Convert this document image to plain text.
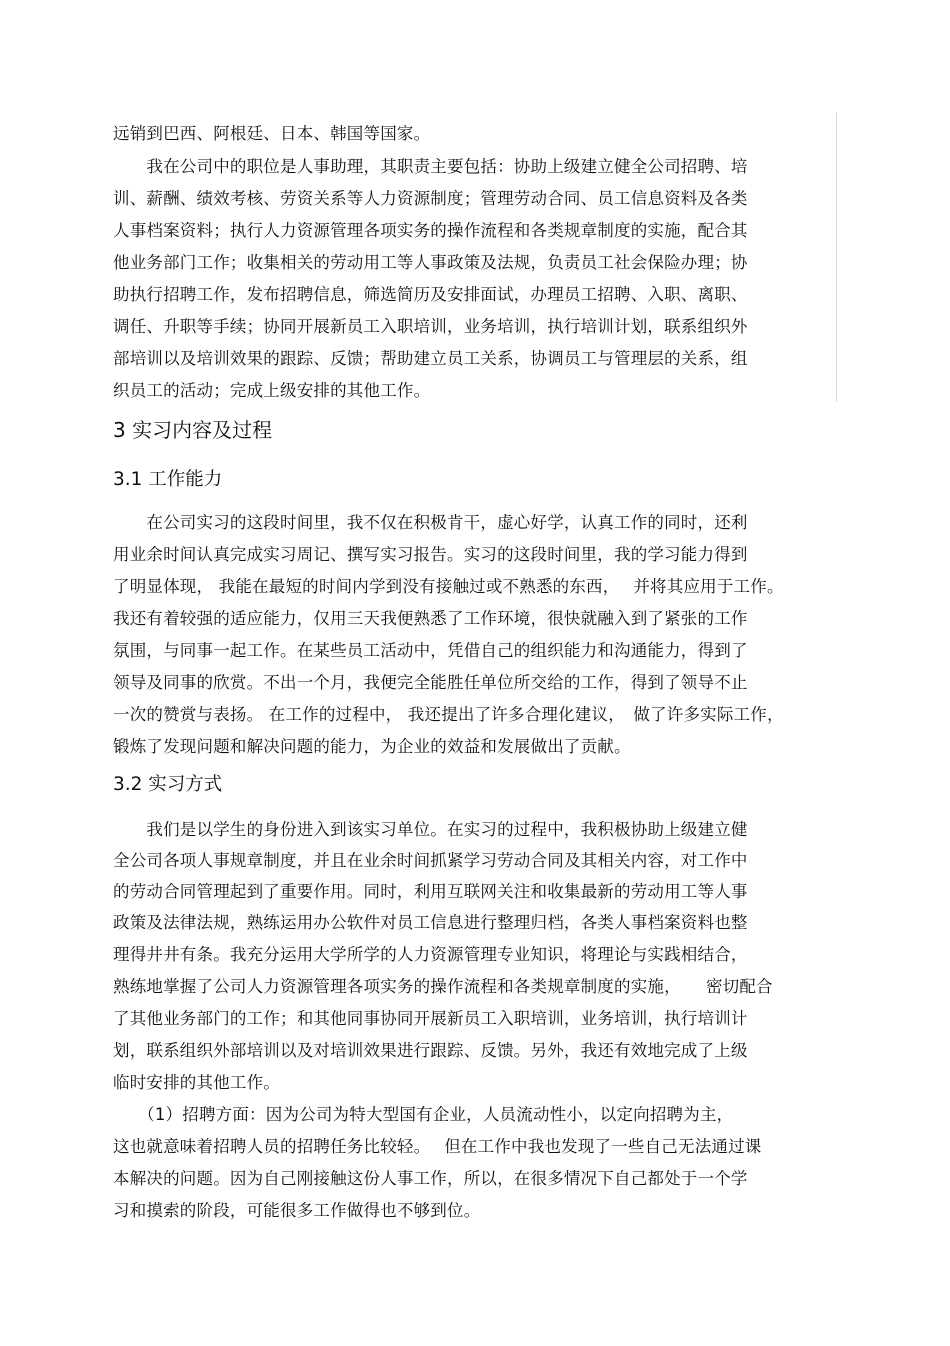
远销到巴西、阿根廷、日本、韩国等国家。
　　我在公司中的职位是人事助理，其职责主要包括：协助上级建立健全公司招聘、培
训、薪酬、绩效考核、劳资关系等人力资源制度；管理劳动合同、员工信息资料及各类
人事档案资料；执行人力资源管理各项实务的操作流程和各类规章制度的实施，配合其
他业务部门工作；收集相关的劳动用工等人事政策及法规，负责员工社会保险办理；协
助执行招聘工作，发布招聘信息，筛选简历及安排面试，办理员工招聘、入职、离职、
调任、升职等手续；协同开展新员工入职培训，业务培训，执行培训计划，联系组织外
部培训以及培训效果的跟踪、反馈；帮助建立员工关系，协调员工与管理层的关系，组
织员工的活动；完成上级安排的其他工作。
3 实习内容及过程
3.1 工作能力
　　在公司实习的这段时间里，我不仅在积极肯干，虚心好学，认真工作的同时，还利
用业余时间认真完成实习周记、撰写实习报告。实习的这段时间里，我的学习能力得到
了明显体现， 我能在最短的时间内学到没有接触过或不熟悉的东西，　 并将其应用于工作。
我还有着较强的适应能力，仅用三天我便熟悉了工作环境，很快就融入到了紧张的工作
氛围，与同事一起工作。在某些员工活动中，凭借自己的组织能力和沟通能力，得到了
领导及同事的欣赏。不出一个月，我便完全能胜任单位所交给的工作，得到了领导不止
一次的赞赏与表扬。 在工作的过程中， 我还提出了许多合理化建议，　做了许多实际工作，
锻炼了发现问题和解决问题的能力，为企业的效益和发展做出了贡献。
3.2 实习方式
　　我们是以学生的身份进入到该实习单位。在实习的过程中，我积极协助上级建立健
全公司各项人事规章制度，并且在业余时间抓紧学习劳动合同及其相关内容，对工作中
的劳动合同管理起到了重要作用。同时，利用互联网关注和收集最新的劳动用工等人事
政策及法律法规，熟练运用办公软件对员工信息进行整理归档，各类人事档案资料也整
理得井井有条。我充分运用大学所学的人力资源管理专业知识，将理论与实践相结合，
熟练地掌握了公司人力资源管理各项实务的操作流程和各类规章制度的实施，　　密切配合
了其他业务部门的工作；和其他同事协同开展新员工入职培训，业务培训，执行培训计
划，联系组织外部培训以及对培训效果进行跟踪、反馈。另外，我还有效地完成了上级
临时安排的其他工作。
　　（1）招聘方面：因为公司为特大型国有企业，人员流动性小，以定向招聘为主，
这也就意味着招聘人员的招聘任务比较轻。　 但在工作中我也发现了一些自己无法通过课
本解决的问题。因为自己刚接触这份人事工作，所以，在很多情况下自己都处于一个学
习和摸索的阶段，可能很多工作做得也不够到位。
